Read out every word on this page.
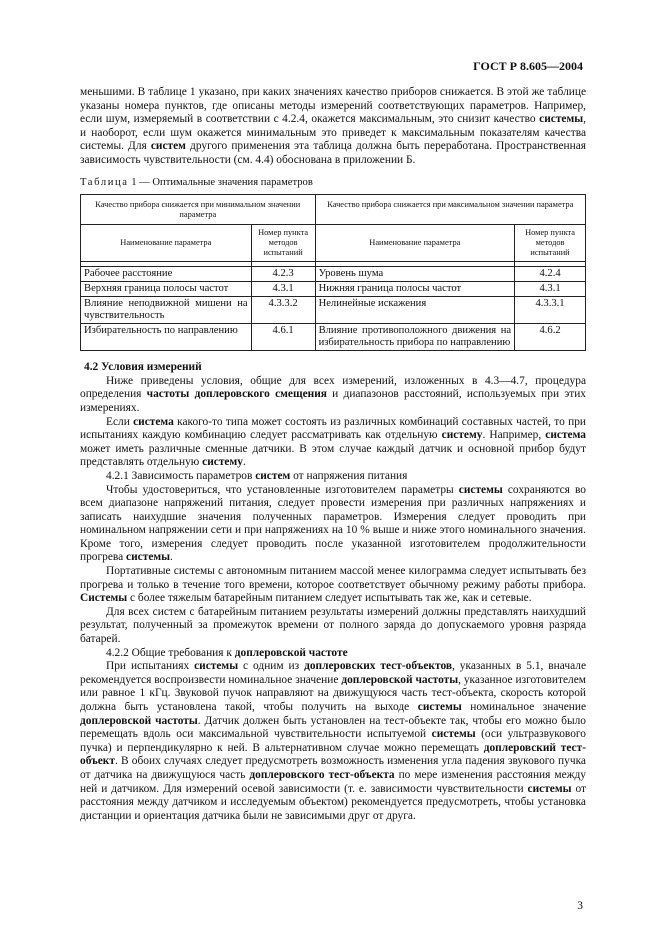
ГОСТ Р 8.605—2004

меньшими. В таблице 1 указано, при каких значениях качество приборов снижается. В этой же таблице указаны номера пунктов, где описаны методы измерений соответствующих параметров. Например, если шум, измеряемый в соответствии с 4.2.4, окажется максимальным, это снизит качество системы, и наоборот, если шум окажется минимальным это приведет к максимальным показателям качества системы. Для систем другого применения эта таблица должна быть переработана. Пространственная зависимость чувствительности (см. 4.4) обоснована в приложении Б.

Таблица 1 — Оптимальные значения параметров
Качество прибора снижается при минимальном значении параметра		Качество прибора снижается при максимальном значении параметра	
Наименование параметра	Номер пункта методов испытаний	Наименование параметра	Номер пункта методов испытаний

Рабочее расстояние	4.2.3	Уровень шума	4.2.4
Верхняя граница полосы частот	4.3.1	Нижняя граница полосы частот	4.3.1
Влияние неподвижной мишени на чувствительность	4.3.3.2	Нелинейные искажения	4.3.3.1
Избирательность по направлению	4.6.1	Влияние противоположного движения на избирательность прибора по направлению	4.6.2
4.2 Условия измерений

Ниже приведены условия, общие для всех измерений, изложенных в 4.3—4.7, процедура определения частоты доплеровского смещения и диапазонов расстояний, используемых при этих измерениях.

Если система какого-то типа может состоять из различных комбинаций составных частей, то при испытаниях каждую комбинацию следует рассматривать как отдельную систему. Например, система может иметь различные сменные датчики. В этом случае каждый датчик и основной прибор будут представлять отдельную систему.

4.2.1 Зависимость параметров систем от напряжения питания

Чтобы удостовериться, что установленные изготовителем параметры системы сохраняются во всем диапазоне напряжений питания, следует провести измерения при различных напряжениях и записать наихудшие значения полученных параметров. Измерения следует проводить при номинальном напряжении сети и при напряжениях на 10 % выше и ниже этого номинального значения. Кроме того, измерения следует проводить после указанной изготовителем продолжительности прогрева системы.

Портативные системы с автономным питанием массой менее килограмма следует испытывать без прогрева и только в течение того времени, которое соответствует обычному режиму работы прибора. Системы с более тяжелым батарейным питанием следует испытывать так же, как и сетевые.

Для всех систем с батарейным питанием результаты измерений должны представлять наихудший результат, полученный за промежуток времени от полного заряда до допускаемого уровня разряда батарей.

4.2.2 Общие требования к доплеровской частоте

При испытаниях системы с одним из доплеровских тест-объектов, указанных в 5.1, вначале рекомендуется воспроизвести номинальное значение доплеровской частоты, указанное изготовителем или равное 1 кГц. Звуковой пучок направляют на движущуюся часть тест-объекта, скорость которой должна быть установлена такой, чтобы получить на выходе системы номинальное значение доплеровской частоты. Датчик должен быть установлен на тест-объекте так, чтобы его можно было перемещать вдоль оси максимальной чувствительности испытуемой системы (оси ультразвукового пучка) и перпендикулярно к ней. В альтернативном случае можно перемещать доплеровский тест-объект. В обоих случаях следует предусмотреть возможность изменения угла падения звукового пучка от датчика на движущуюся часть доплеровского тест-объекта по мере изменения расстояния между ней и датчиком. Для измерений осевой зависимости (т. е. зависимости чувствительности системы от расстояния между датчиком и исследуемым объектом) рекомендуется предусмотреть, чтобы установка дистанции и ориентация датчика были не зависимыми друг от друга.

3
